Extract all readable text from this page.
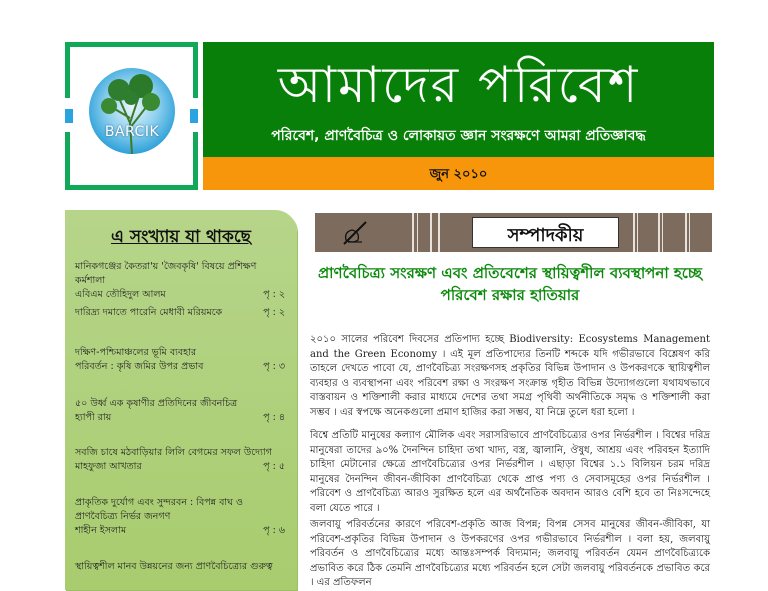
BARCIK
আমাদের পরিবেশ
পরিবেশ, প্রাণবৈচিত্র ও লোকায়ত জ্ঞান সংরক্ষণে আমরা প্রতিজ্ঞাবদ্ধ
জুন ২০১০
এ সংখ্যায় যা থাকছে
মানিকগঞ্জের কৈতরা'য় 'জৈবকৃষি' বিষয়ে প্রশিক্ষণ কর্মশালা
এবিএম তৌহিদুল আলম	পৃ : ২
দারিদ্র্য দমাতে পারেনি মেধাবী মরিয়মকে	পৃ : ২
দক্ষিণ-পশ্চিমাঞ্চলের ভূমি ব্যবহার পরিবর্তন : কৃষি জমির উপর প্রভাব	পৃ : ৩
৫০ উর্ধ্ব এক কৃষাণীর প্রতিদিনের জীবনচিত্র
হ্যাপী রায়	পৃ : ৪
সবজি চাষে মঠবাড়িয়ার লিলি বেগমের সফল উদ্যোগ
মাহফুজা আখতার	পৃ : ৫
প্রাকৃতিক দুর্যোগ এবং সুন্দরবন : বিপন্ন বাঘ ও প্রাণবৈচিত্র্য নির্ভর জনগণ
শাহীন ইসলাম	পৃ : ৬
স্থায়িত্বশীল মানব উন্নয়নের জন্য প্রাণবৈচিত্র্যের গুরুত্ব
সম্পাদকীয়
প্রাণবৈচিত্র্য সংরক্ষণ এবং প্রতিবেশের স্থায়িত্বশীল ব্যবস্থাপনা হচ্ছে পরিবেশ রক্ষার হাতিয়ার
২০১০ সালের পরিবেশ দিবসের প্রতিপাদ্য হচ্ছে Biodiversity: Ecosystems Management and the Green Economy । এই মূল প্রতিপাদ্যের তিনটি শব্দকে যদি গভীরভাবে বিশ্লেষণ করি তাহলে দেখতে পাবো যে, প্রাণবৈচিত্র্য সংরক্ষণসহ প্রকৃতির বিভিন্ন উপাদান ও উপকরণকে স্থায়িত্বশীল ব্যবহার ও ব্যবস্থাপনা এবং পরিবেশ রক্ষা ও সংরক্ষণ সংক্রান্ত গৃহীত বিভিন্ন উদ্যোগগুলো যথাযথভাবে বাস্তবায়ন ও শক্তিশালী করার মাধ্যমে দেশের তথা সমগ্র পৃথিবী অর্থনীতিকে সমৃদ্ধ ও শক্তিশালী করা সম্ভব । এর স্বপক্ষে অনেকগুলো প্রমাণ হাজির করা সম্ভব, যা নিম্নে তুলে ধরা হলো ।
বিশ্বে প্রতিটি মানুষের কল্যাণ মৌলিক এবং সরাসরিভাবে প্রাণবৈচিত্র্যের ওপর নির্ভরশীল । বিশ্বের দরিদ্র মানুষেরা তাদের ৯০% দৈনন্দিন চাহিদা তথা খাদ্য, বস্ত্র, জ্বালানি, ঔষুধ, আশ্রয় এবং পরিবহন ইত্যাদি চাহিদা মেটানোর ক্ষেত্রে প্রাণবৈচিত্র্যের ওপর নির্ভরশীল । এছাড়া বিশ্বের ১.১ বিলিয়ন চরম দরিদ্র মানুষের দৈনন্দিন জীবন-জীবিকা প্রাণবৈচিত্র্য থেকে প্রাপ্ত পণ্য ও সেবাসমূহের ওপর নির্ভরশীল । পরিবেশ ও প্রাণবৈচিত্র্য আরও সুরক্ষিত হলে এর অর্থনৈতিক অবদান আরও বেশি হবে তা নিঃসন্দেহে বলা যেতে পারে ।
জলবায়ু পরিবর্তনের কারণে পরিবেশ-প্রকৃতি আজ বিপন্ন; বিপন্ন সেসব মানুষের জীবন-জীবিকা, যা পরিবেশ-প্রকৃতির বিভিন্ন উপাদান ও উপকরণের ওপর গভীরভাবে নির্ভরশীল । বলা হয়, জলবায়ু পরিবর্তন ও প্রাণবৈচিত্র্যের মধ্যে আন্তঃসম্পর্ক বিদ্যমান; জলবায়ু পরিবর্তন যেমন প্রাণবৈচিত্র্যকে প্রভাবিত করে ঠিক তেমনি প্রাণবৈচিত্র্যের মধ্যে পরিবর্তন হলে সেটা জলবায়ু পরিবর্তনকে প্রভাবিত করে । এর প্রতিফলন
